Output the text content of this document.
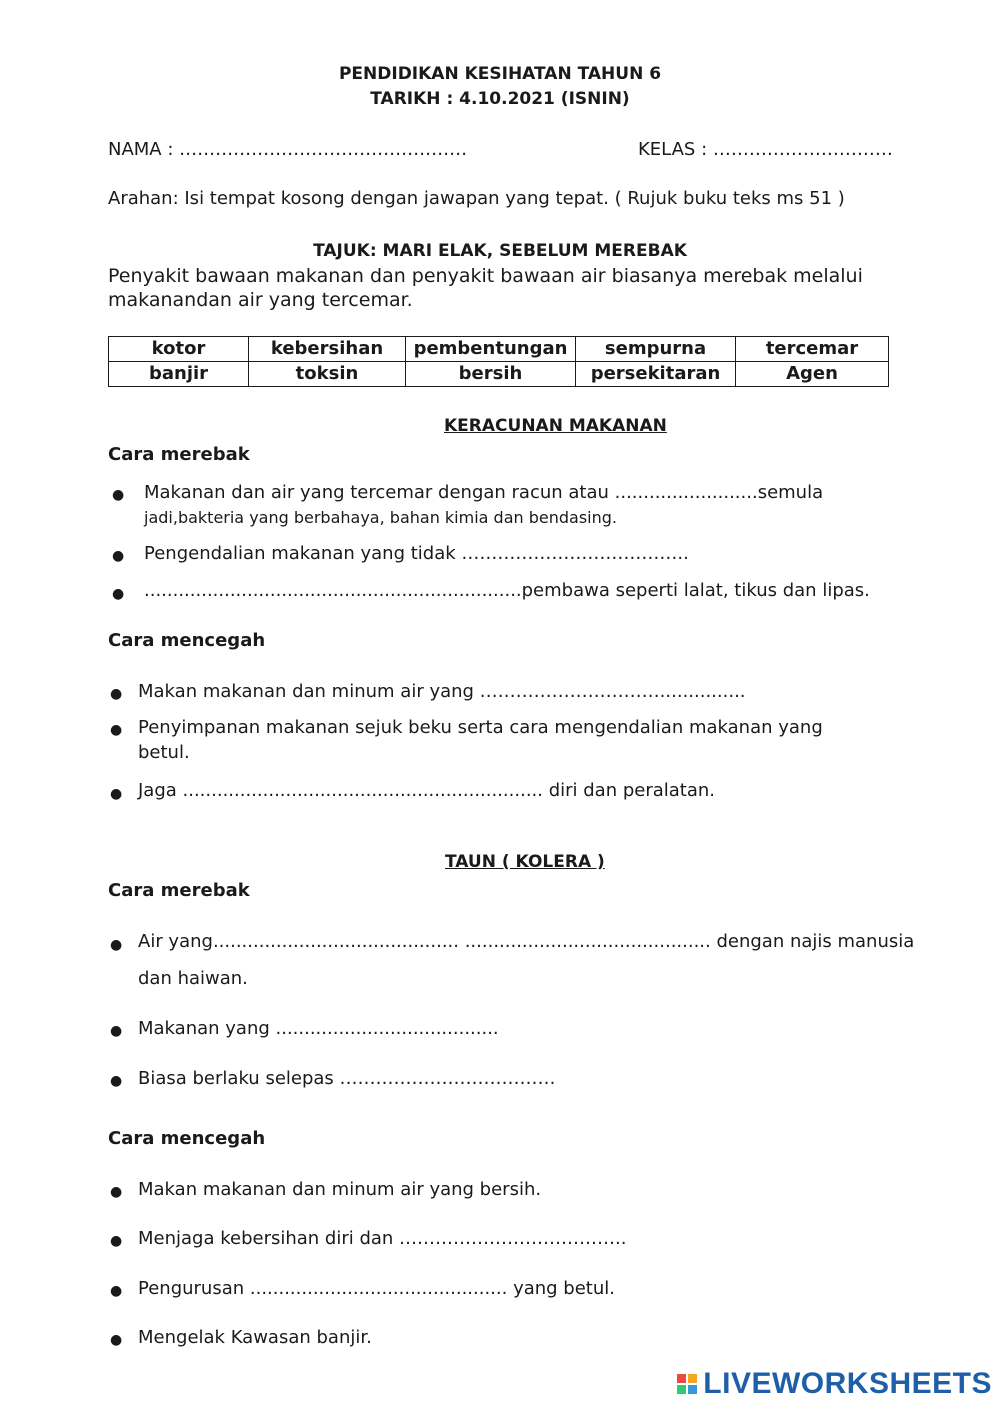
PENDIDIKAN KESIHATAN TAHUN 6
TARIKH : 4.10.2021 (ISNIN)
NAMA : …………………………………………	KELAS : …………………………
Arahan: Isi tempat kosong dengan jawapan yang tepat. ( Rujuk buku teks ms 51 )
TAJUK: MARI ELAK, SEBELUM MEREBAK
Penyakit bawaan makanan dan penyakit bawaan air biasanya merebak melalui
makanandan air yang tercemar.
kotor	kebersihan	pembentungan	sempurna	tercemar
banjir	toksin	bersih	persekitaran	Agen
KERACUNAN MAKANAN
Cara merebak
● Makanan dan air yang tercemar dengan racun atau .........................semula
jadi,bakteria yang berbahaya, bahan kimia dan bendasing.
● Pengendalian makanan yang tidak ………………………………..
● ..................................................................pembawa seperti lalat, tikus dan lipas.
Cara mencegah
● Makan makanan dan minum air yang …………………………...............
● Penyimpanan makanan sejuk beku serta cara mengendalian makanan yang
betul.
● Jaga ............................................................... diri dan peralatan.
TAUN ( KOLERA )
Cara merebak
● Air yang........................................... ........................................... dengan najis manusia
dan haiwan.
● Makanan yang .......................................
● Biasa berlaku selepas ………………………………
Cara mencegah
● Makan makanan dan minum air yang bersih.
● Menjaga kebersihan diri dan ………………………………..
● Pengurusan ............................................. yang betul.
● Mengelak Kawasan banjir.
LIVEWORKSHEETS
